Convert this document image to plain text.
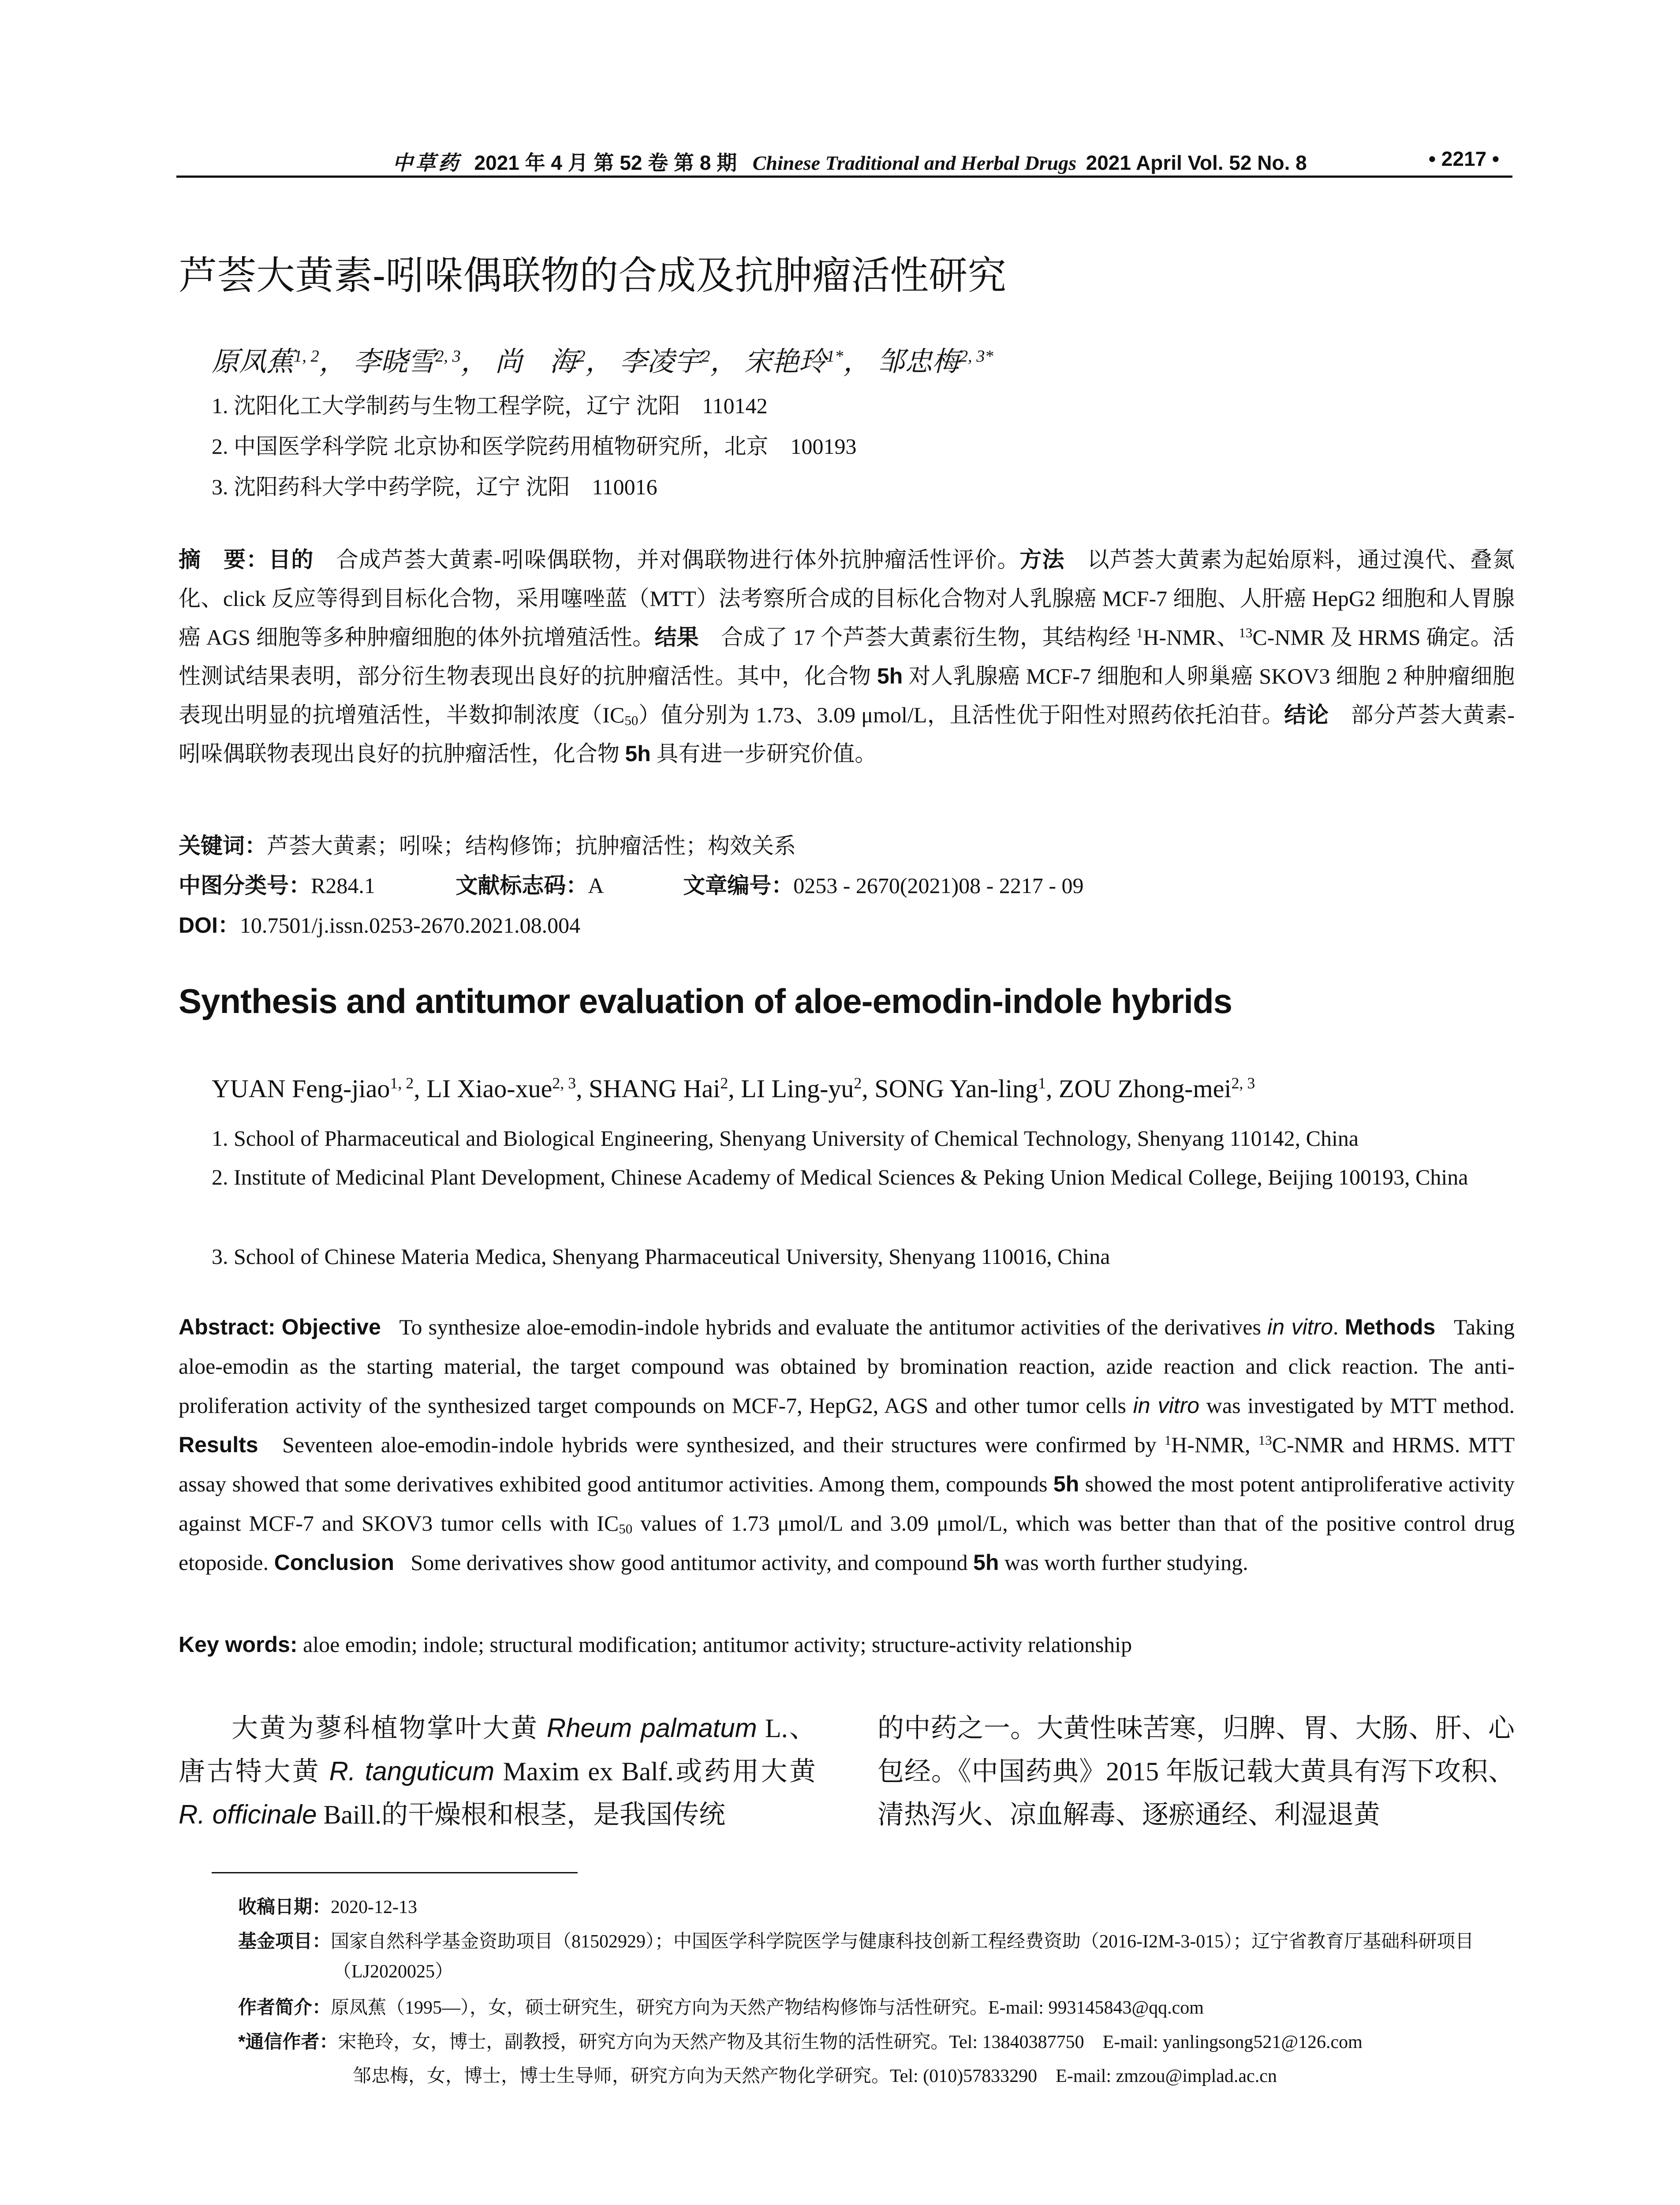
中草药 2021 年 4 月 第 52 卷 第 8 期 Chinese Traditional and Herbal Drugs 2021 April Vol. 52 No. 8	• 2217 •
芦荟大黄素-吲哚偶联物的合成及抗肿瘤活性研究
原凤蕉$^{1, 2}$， 李晓雪$^{2, 3}$， 尚　海$^2$， 李凌宇$^2$， 宋艳玲$^{1*}$， 邹忠梅$^{2, 3*}$
1. 沈阳化工大学制药与生物工程学院，辽宁 沈阳　110142
2. 中国医学科学院 北京协和医学院药用植物研究所，北京　100193
3. 沈阳药科大学中药学院，辽宁 沈阳　110016
摘　要：目的　 合成芦荟大黄素-吲哚偶联物，并对偶联物进行体外抗肿瘤活性评价。方法　 以芦荟大黄素为起始原料，通过溴代、叠氮化、click 反应等得到目标化合物，采用噻唑蓝（MTT）法考察所合成的目标化合物对人乳腺癌 MCF-7 细胞、人肝癌 HepG2 细胞和人胃腺癌 AGS 细胞等多种肿瘤细胞的体外抗增殖活性。结果　 合成了 17 个芦荟大黄素衍生物，其结构经 $^1$H-NMR、$^{13}$C-NMR 及 HRMS 确定。活性测试结果表明，部分衍生物表现出良好的抗肿瘤活性。其中，化合物 5h 对人乳腺癌 MCF-7 细胞和人卵巢癌 SKOV3 细胞 2 种肿瘤细胞表现出明显的抗增殖活性，半数抑制浓度$(IC_{50})$值分别为 1.73、3.09 μmol/L，且活性优于阳性对照药依托泊苷。结论　 部分芦荟大黄素-吲哚偶联物表现出良好的抗肿瘤活性，化合物 5h 具有进一步研究价值。
关键词：芦荟大黄素；吲哚；结构修饰；抗肿瘤活性；构效关系
中图分类号：R284.1	文献标志码：A	文章编号：0253 - 2670(2021)08 - 2217 - 09
DOI：10.7501/j.issn.0253-2670.2021.08.004
Synthesis and antitumor evaluation of aloe-emodin-indole hybrids
YUAN Feng-jiao$^{1, 2}$, LI Xiao-xue$^{2, 3}$, SHANG Hai$^2$, LI Ling-$yu^2$, SONG Yan-ling$^1$, ZOU Zhong-mei$^{2, 3}$
1. School of Pharmaceutical and Biological Engineering, Shenyang University of Chemical Technology, Shenyang 110142, China
2. Institute of Medicinal Plant Development, Chinese Academy of Medical Sciences & Peking Union Medical College, Beijing 100193, China
3. School of Chinese Materia Medica, Shenyang Pharmaceutical University, Shenyang 110016, China
Abstract: Objective To synthesize aloe-emodin-indole hybrids and evaluate the antitumor activities of the derivatives in vitro. Methods Taking aloe-emodin as the starting material, the target compound was obtained by bromination reaction, azide reaction and click reaction. The anti-proliferation activity of the synthesized target compounds on MCF-7, HepG2, AGS and other tumor cells in vitro was investigated by MTT method. Results Seventeen aloe-emodin-indole hybrids were synthesized, and their structures were confirmed by $^1$H-NMR, $^{13}$C-NMR and HRMS. MTT assay showed that some derivatives exhibited good antitumor activities. Among them, compounds 5h showed the most potent antiproliferative activity against MCF-7 and SKOV3 tumor cells with $IC_{50}$ values of 1.73 μmol/L and 3.09 μmol/L, which was better than that of the positive control drug etoposide. Conclusion Some derivatives show good antitumor activity, and compound 5h was worth further studying.
Key words: aloe emodin; indole; structural modification; antitumor activity; structure-activity relationship
大黄为蓼科植物掌叶大黄 Rheum palmatum L.、唐古特大黄 R. tanguticum Maxim ex Balf.或药用大黄 R. officinale Baill.的干燥根和根茎，是我国传统
的中药之一。大黄性味苦寒，归脾、胃、大肠、肝、心包经。《中国药典》2015 年版记载大黄具有泻下攻积、清热泻火、凉血解毒、逐瘀通经、利湿退黄
收稿日期：2020-12-13
基金项目：国家自然科学基金资助项目（81502929）；中国医学科学院医学与健康科技创新工程经费资助（2016-I2M-3-015）；辽宁省教育厅基础科研项目（LJ2020025）
作者简介：原凤蕉（1995—），女，硕士研究生，研究方向为天然产物结构修饰与活性研究。E-mail: 993145843@qq.com
*通信作者：宋艳玲，女，博士，副教授，研究方向为天然产物及其衍生物的活性研究。Tel: 13840387750　E-mail: yanlingsong521@126.com
邹忠梅，女，博士，博士生导师，研究方向为天然产物化学研究。Tel: (010)57833290　E-mail: zmzou@implad.ac.cn
